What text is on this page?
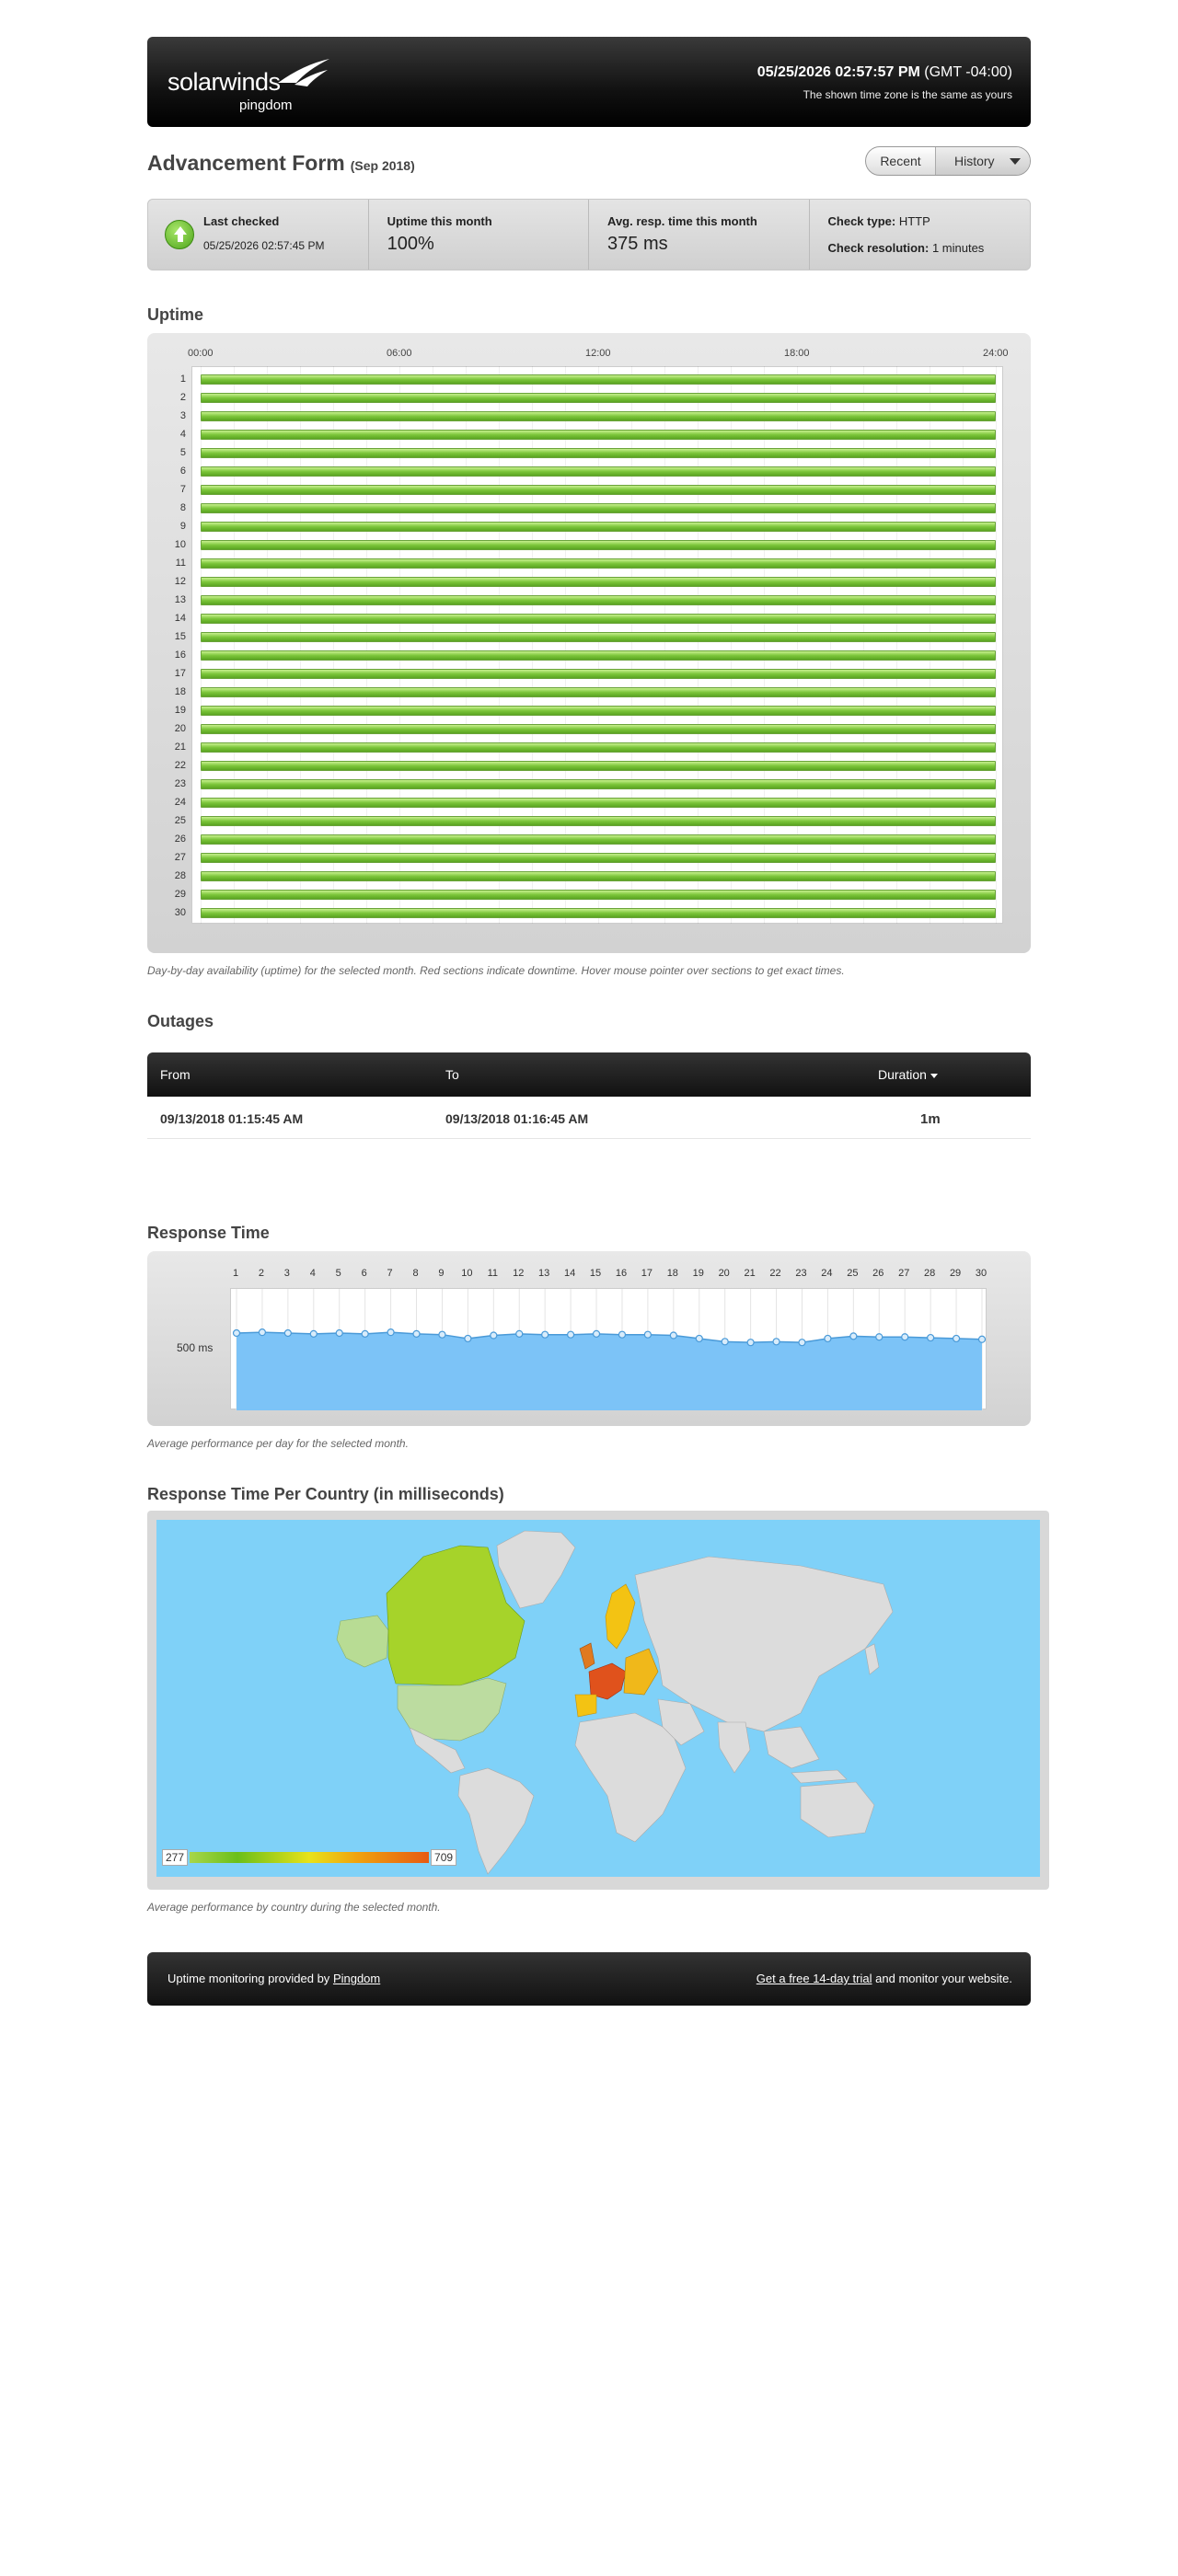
solarwinds
pingdom
05/25/2026 02:57:57 PM (GMT -04:00)
The shown time zone is the same as yours
Advancement Form (Sep 2018)	Recent	History
Last checked
05/25/2026 02:57:45 PM
Uptime this month
100%
Avg. resp. time this month
375 ms
Check type: HTTP
Check resolution: 1 minutes
Uptime
00:00	06:00	12:00	18:00	24:00
1
2
3
4
5
6
7
8
9
10
11
12
13
14
15
16
17
18
19
20
21
22
23
24
25
26
27
28
29
30
Day-by-day availability (uptime) for the selected month. Red sections indicate downtime. Hover mouse pointer over sections to get exact times.
Outages
From	To	Duration
09/13/2018 01:15:45 AM	09/13/2018 01:16:45 AM	1m
Response Time
500 ms
1	2	3	4	5	6	7	8	9	10	11	12	13	14	15	16	17	18	19	20	21	22	23	24	25	26	27	28	29	30
Average performance per day for the selected month.
Response Time Per Country (in milliseconds)
277	709
Average performance by country during the selected month.
Uptime monitoring provided by Pingdom	Get a free 14-day trial and monitor your website.
